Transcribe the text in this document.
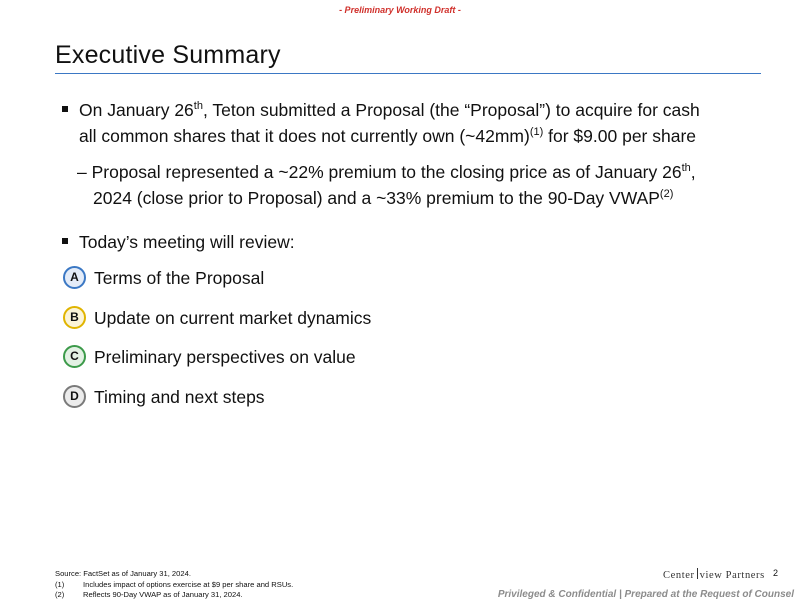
- Preliminary Working Draft -
Executive Summary
On January 26th, Teton submitted a Proposal (the “Proposal”) to acquire for cash
all common shares that it does not currently own (~42mm)$^{(1)}$ for $9.00 per share
– Proposal represented a ~22% premium to the closing price as of January 26th,
2024 (close prior to Proposal) and a ~33% premium to the 90-Day VWAP$^{(2)}$
Today’s meeting will review:
A Terms of the Proposal
B Update on current market dynamics
C Preliminary perspectives on value
D Timing and next steps
Source: FactSet as of January 31, 2024.
(1)	Includes impact of options exercise at $9 per share and RSUs.
(2)	Reflects 90-Day VWAP as of January 31, 2024.
Center view Partners 2
Privileged & Confidential | Prepared at the Request of Counsel
